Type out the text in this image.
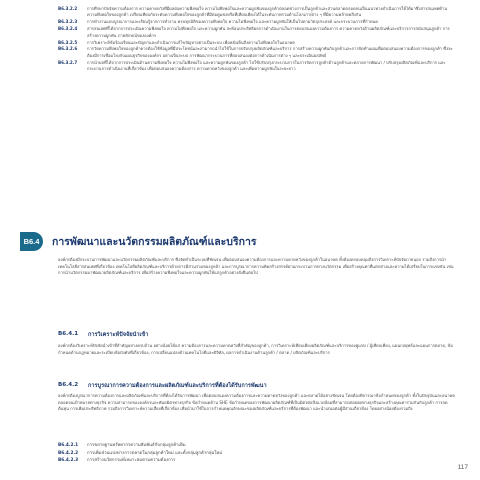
B6.3.2.2	การศึกษาปัจจัยความต้องการ ความคาดหวังที่มีผลต่อความพึงพอใจ ความไม่พึงพอใจและความผูกพันของลูกค้าตลอดช่วงการเป็นลูกค้าและส่วนตลาดตลอดจนเป็นแนวทางดำเนินการให้ได้มาซึ่งสารสนเทศด้านความพึงพอใจของลูกค้า เปรียบเทียบกับระดับความพึงพอใจของลูกค้าที่มีต่อคู่แข่งหรือที่เทียบเคียงได้ในระดับภาพรวมด้านโลกเก่า/ต่าง ๆ ที่มีความคล้ายคลึงกัน
B6.3.2.3	การทำงานแบบบูรณาการและเรียนรู้จากการทำงาน ครบทุกมิติของความพึงพอใจ ความไม่พึงพอใจ และความผูกพันให้เป็นไปตามวัตถุประสงค์ และกระบวนการที่กำหนด
B6.3.2.4	สารสนเทศที่ได้จากการประเมินความพึงพอใจ ความไม่พึงพอใจ และความผูกพัน สะท้อนประสิทธิผลการดำเนินงานในการตอบสนองความต้องการ ความคาดหวังด้านผลิตภัณฑ์และบริการการสนับสนุนลูกค้า การสร้างความผูกพัน ภาพลักษณ์ขององค์กร
B6.3.2.5	การวิเคราะห์ข้อร้องเรียนและปัญหาและดำเนินการแก้ไขปัญหาอย่างเป็นระบบ เพื่อหยั่งเห็นถึงความไม่พึงพอใจในอนาคต
B6.3.2.6	การวัดความพึงพอใจของลูกค้าควรต้องใช้ข้อมูลที่มีประโยชน์และสามารถนำไปใช้ในการปรับปรุงผลิตภัณฑ์และบริการ การสร้างความผูกพันกับลูกค้าและการจัดทำแผนเพื่อตอบสนองความต้องการของลูกค้า ซึ่งจะต้องมีการเชื่อมโยงกับแผนธุรกิจขององค์กร อย่างเป็นระบบ การพัฒนากระบวนการที่ตอบสนองต่อการดำเนินการต่าง ๆ และประเมินผลลัพธ์
B6.3.2.7	การนำผลที่ได้จากการประเมินด้านความพึงพอใจ ความไม่พึงพอใจ และความผูกพันของลูกค้า ไปใช้ปรับปรุงกระบวนการในการจัดการลูกค้าด้านลูกค้าและตลาดการพัฒนา / ปรับปรุงผลิตภัณฑ์และบริการ และกระบวนการดำเนินงานที่เกี่ยวข้อง เพื่อตอบสนองความต้องการ ความคาดหวังของลูกค้า และเพิ่มความผูกพันในระยะยาว
B6.4	การพัฒนาและนวัตกรรมผลิตภัณฑ์และบริการ
องค์กรต้องมีกระบวนการพัฒนาและนวัตกรรมผลิตภัณฑ์และบริการ ซึ่งจัดทำเป็นระบบที่ชัดเจน เพื่อตอบสนองความต้องการและความคาดหวังของลูกค้าในอนาคต ทั้งต้องครอบคลุมถึงการวิเคราะห์ปัจจัยภายนอก รวมถึงการนำเทคโนโลยีสารสนเทศที่เกี่ยวข้อง เทคโนโลยีผลิตภัณฑ์และบริการด้วยการมีส่วนร่วมของลูกค้า และการบูรณาการความคิดสร้างสรรค์ผ่านกระบวนการทางนวัตกรรม เพื่อสร้างคุณค่าที่แตกต่างและความได้เปรียบในการแข่งขัน เช่น การนำนวัตกรรมมาพัฒนาผลิตภัณฑ์และบริการ เพื่อสร้างความพึงพอใจและความผูกพันให้แก่ลูกค้าอย่างยั่งยืนต่อไป
B6.4.1	การวิเคราะห์ปัจจัยนำเข้า
องค์กรต้องวิเคราะห์ปัจจัยนำเข้าที่สำคัญอย่างครบถ้วน อย่างน้อยได้แก่ ความต้องการและความคาดหวังที่สำคัญของลูกค้า, การวิเคราะห์เทียบเคียงผลิตภัณฑ์และบริการของคู่แข่ง / ผู้เทียบเคียง, แผนกลยุทธ์และแผนการตลาด, ข้อกำหนดด้านกฎหมายและระเบียบข้อบังคับที่เกี่ยวข้อง, การเปลี่ยนแปลงด้านเทคโนโลยีและดิจิทัล, ผลการดำเนินงานด้านลูกค้า / ตลาด / ผลิตภัณฑ์และบริการ
B6.4.2	การบูรณาการความต้องการและผลิตภัณฑ์และบริการที่ต้องได้รับการพัฒนา
องค์กรต้องบูรณาการความต้องการและผลิตภัณฑ์และบริการที่ต้องได้รับการพัฒนา เพื่อตอบสนองความต้องการและความคาดหวังของลูกค้า และตลาดได้อย่างชัดเจน โดยต้องพิจารณาข้อกำหนดของลูกค้า ทั้งในปัจจุบันและอนาคต ตลอดจนเป้าหมายทางธุรกิจ ความสามารถขององค์กรและพันธมิตรทางธุรกิจ ข้อกำหนดด้าน SHE ข้อกำหนดของการพัฒนาผลิตภัณฑ์ที่เป็นมิตรต่อสิ่งแวดล้อมที่สามารถต่อยอดทางธุรกิจและสร้างคุณค่าร่วมกันกับลูกค้า การลดต้นทุน การเพิ่มประสิทธิภาพ รวมถึงการวิเคราะห์ความเสี่ยงที่เกี่ยวข้อง เพื่อนำมาใช้ในการกำหนดคุณลักษณะของผลิตภัณฑ์และบริการที่ต้องพัฒนา และนำเสนอต่อผู้มีส่วนเกี่ยวข้อง โดยอย่างน้อยต้องรวมถึง
B6.4.2.1	การขยายฐานทรัพยากรความสัมพันธ์กับกลุ่มลูกค้าเดิม
B6.4.2.2	การเพิ่มส่วนแบ่งทางการตลาดในกลุ่มลูกค้าใหม่ และตั้งกลุ่มลูกค้ากลุ่มใหม่
B6.4.2.3	การสร้างนวัตกรรมที่เหมาะสมตามความต้องการ
117
